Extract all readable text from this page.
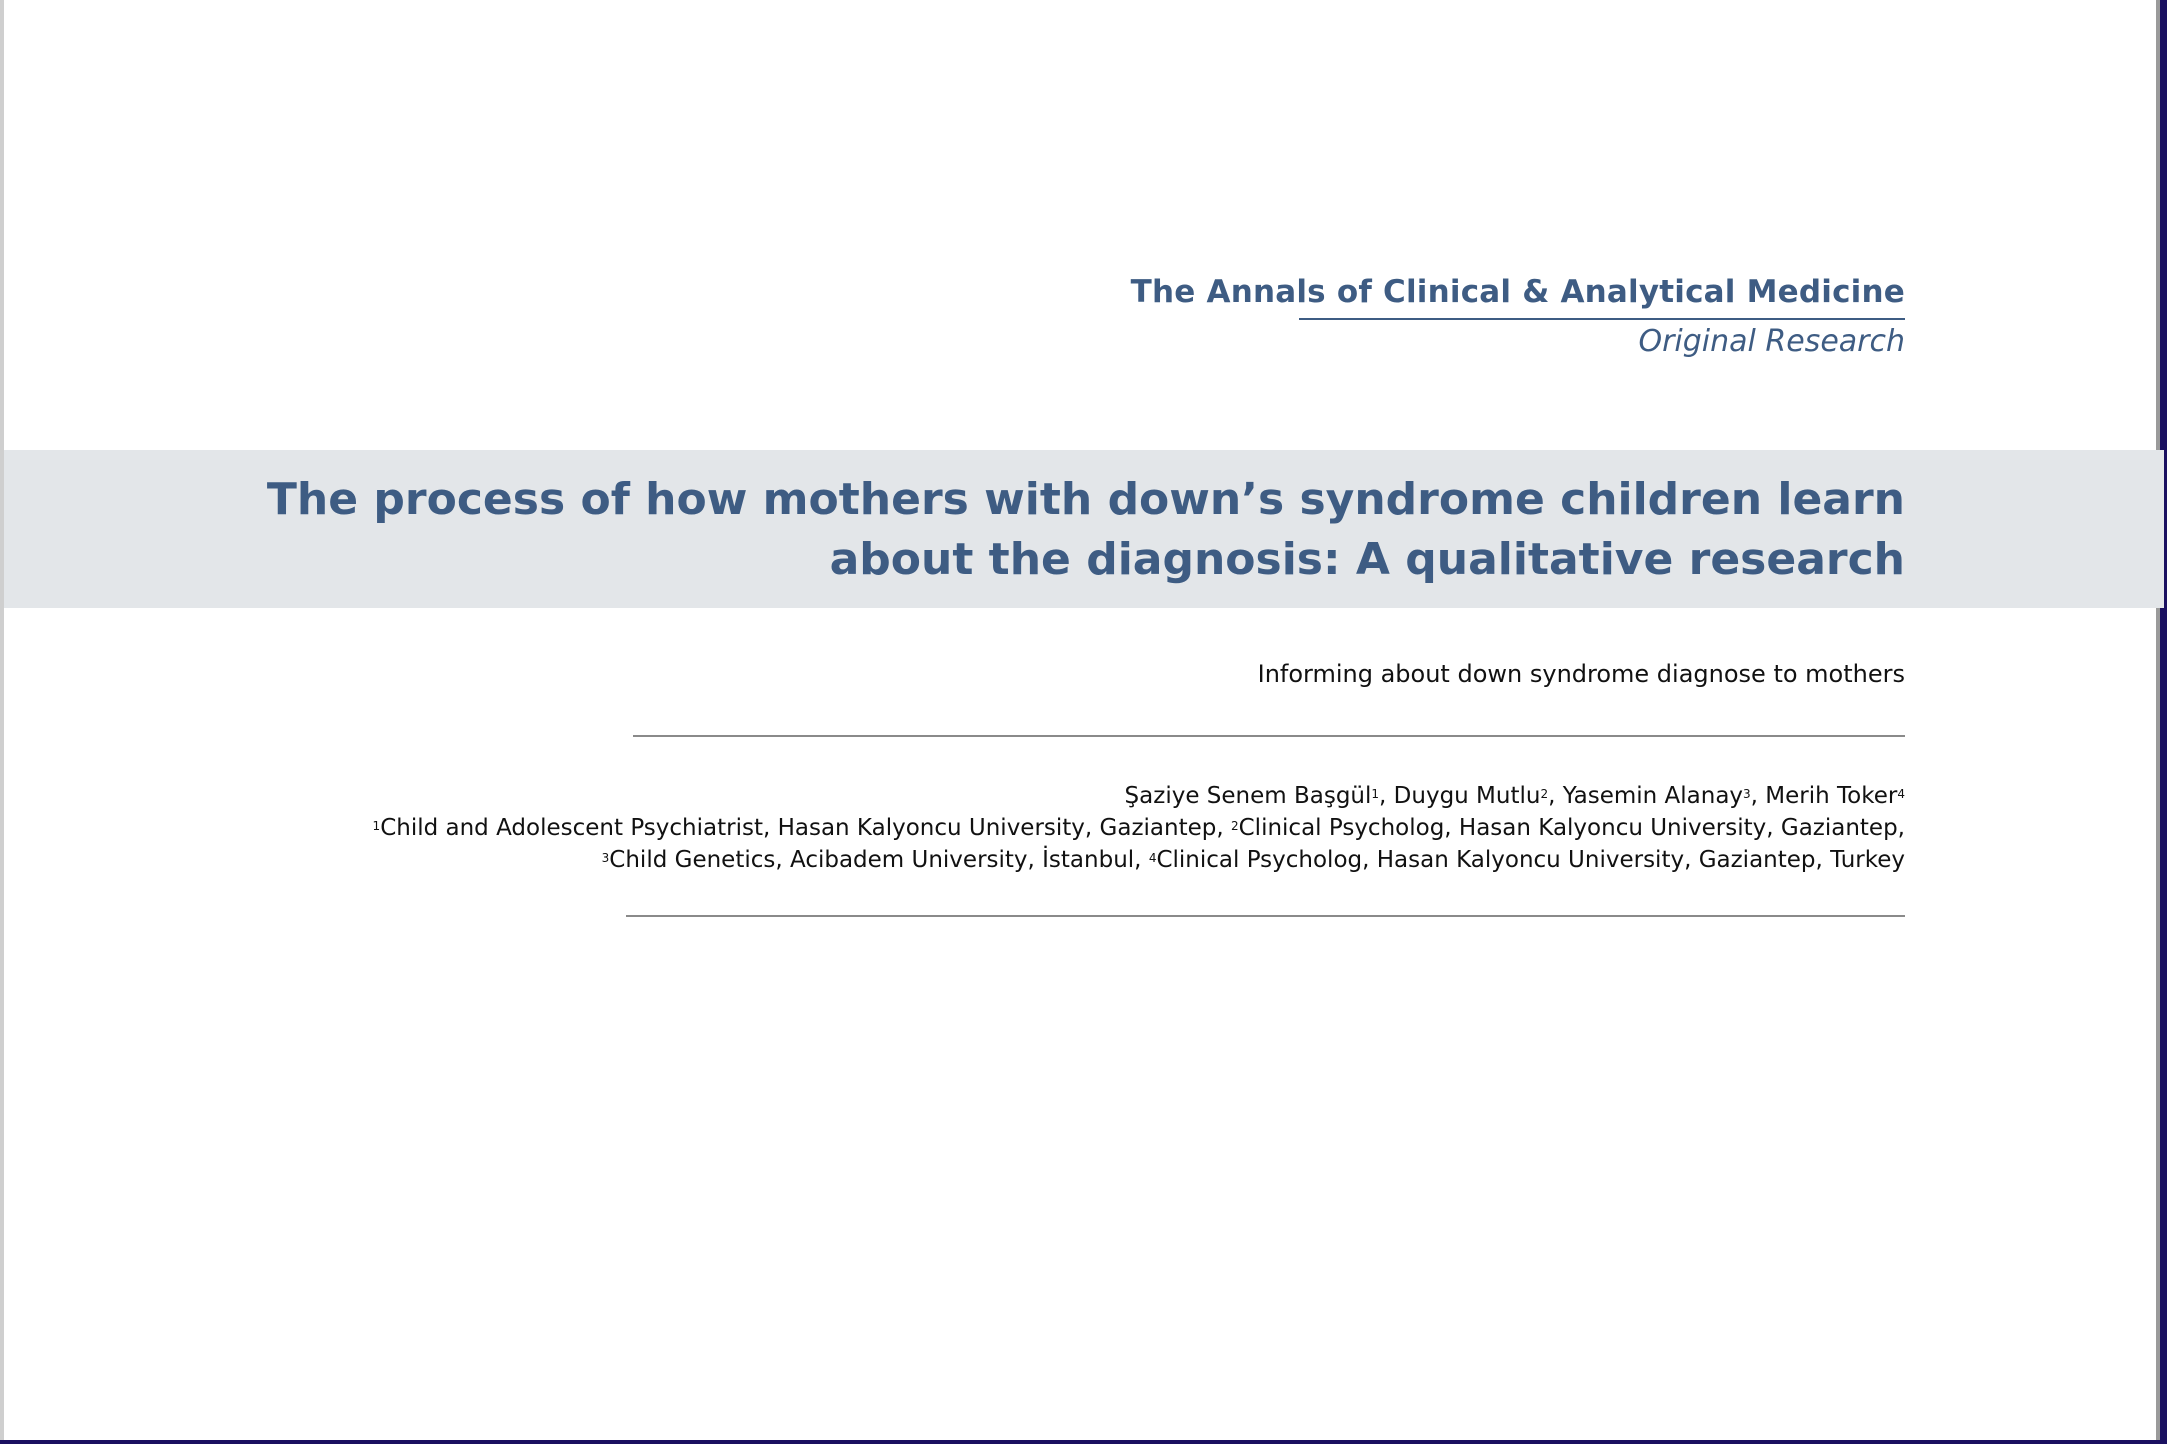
The Annals of Clinical & Analytical Medicine
Original Research
The process of how mothers with down’s syndrome children learn about the diagnosis: A qualitative research
Informing about down syndrome diagnose to mothers
Şaziye Senem Başgül$^1$, Duygu Mutlu$^2$, Yasemin Alanay$^3$, Merih Toker$^4$
$^1$Child and Adolescent Psychiatrist, Hasan Kalyoncu University, Gaziantep, $^2$Clinical Psycholog, Hasan Kalyoncu University, Gaziantep,
$^3$Child Genetics, Acibadem University, İstanbul, $^4$Clinical Psycholog, Hasan Kalyoncu University, Gaziantep, Turkey
